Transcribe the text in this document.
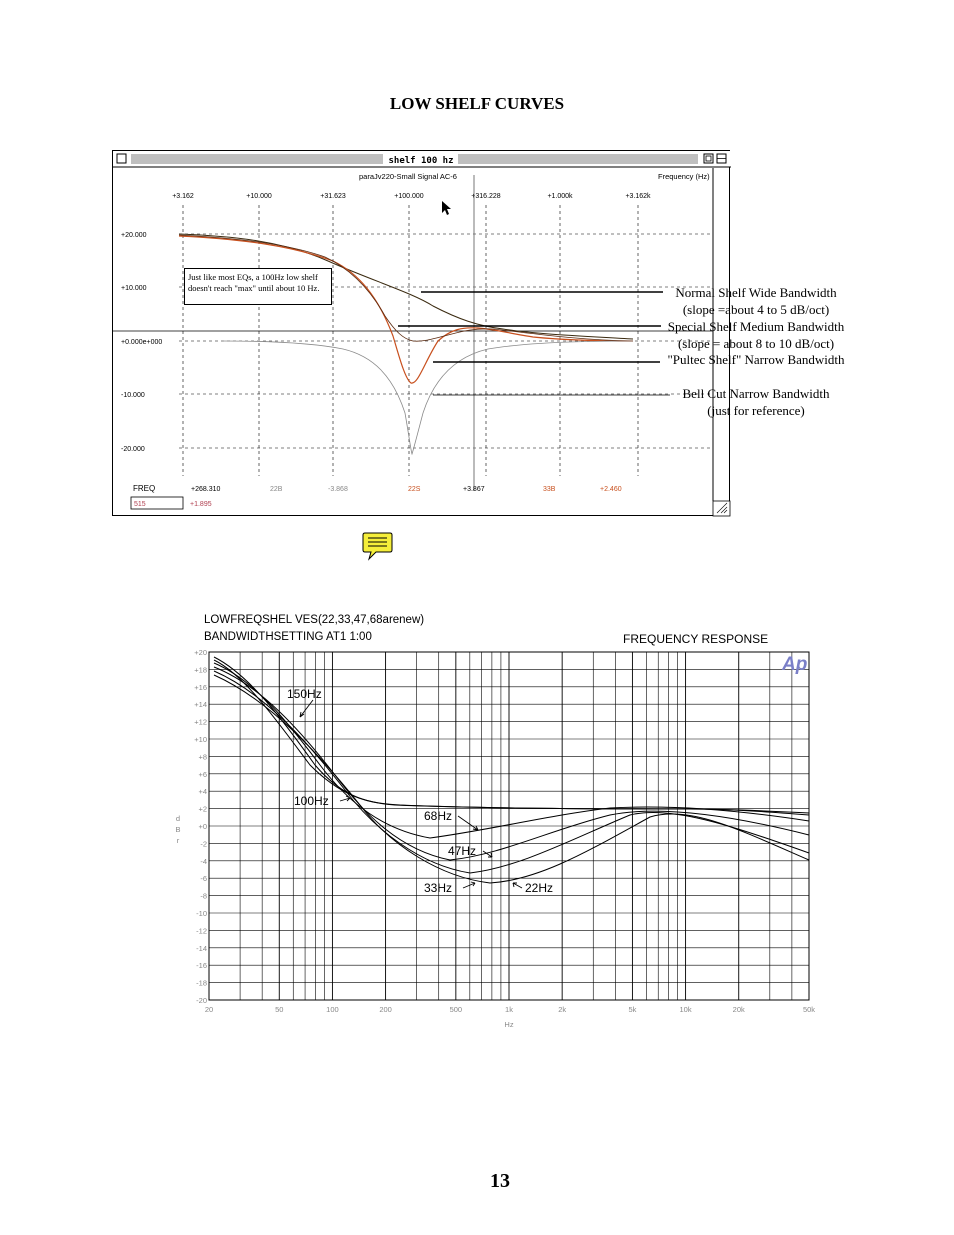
LOW SHELF CURVES
shelf 100 hz
paraJv220-Small Signal AC-6	Frequency (Hz)
+3.162	+10.000	+31.623	+100.000	+316.228	+1.000k	+3.162k
+20.000
+10.000
+0.000e+000
-10.000
-20.000
FREQ
515	+1.895
+268.310	22B	-3.868	22S	+3.867	33B	+2.460
Just like most EQs, a 100Hz low shelf doesn't reach "max" until about 10 Hz.	Normal Shelf Wide Bandwidth
(slope =about 4 to 5 dB/oct)
Special Shelf Medium Bandwidth
(slope = about 8 to 10 dB/oct)
"Pultec Shelf" Narrow Bandwidth
Bell Cut Narrow Bandwidth
(just for reference)
LOWFREQSHEL VES(22,33,47,68arenew)
BANDWIDTHSETTING AT1 1:00	FREQUENCY RESPONSE
+20
+18
+16
+14
+12
+10
+8
+6
+4
+2
+0
-2
-4
-6
-8
-10
-12
-14
-16
-18
-20
20	50	100	200	500	1k	2k	5k	10k	20k	50k
d
B
r
Hz
Ap
150Hz
100Hz
68Hz
47Hz
33Hz	22Hz
13
